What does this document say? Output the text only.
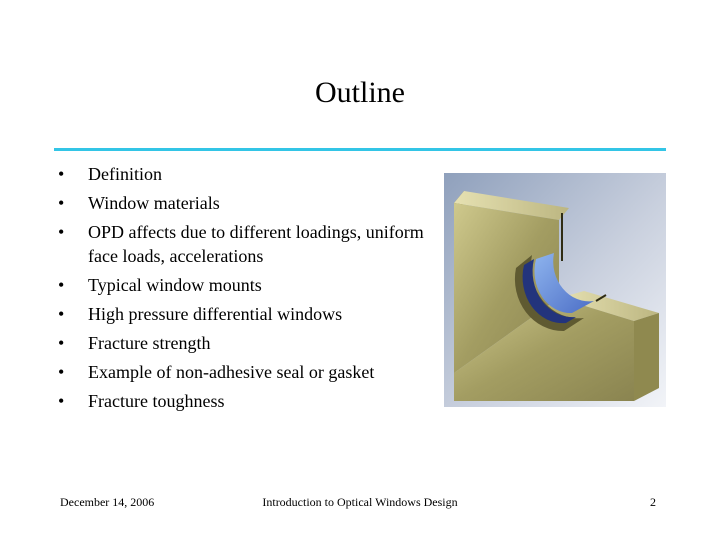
Outline
•	Definition
•	Window materials
•	OPD affects due to different loadings, uniform face loads, accelerations
•	Typical window mounts
•	High pressure differential windows
•	Fracture strength
•	Example of non-adhesive seal or gasket
•	Fracture toughness
December 14, 2006	Introduction to Optical Windows Design	2
